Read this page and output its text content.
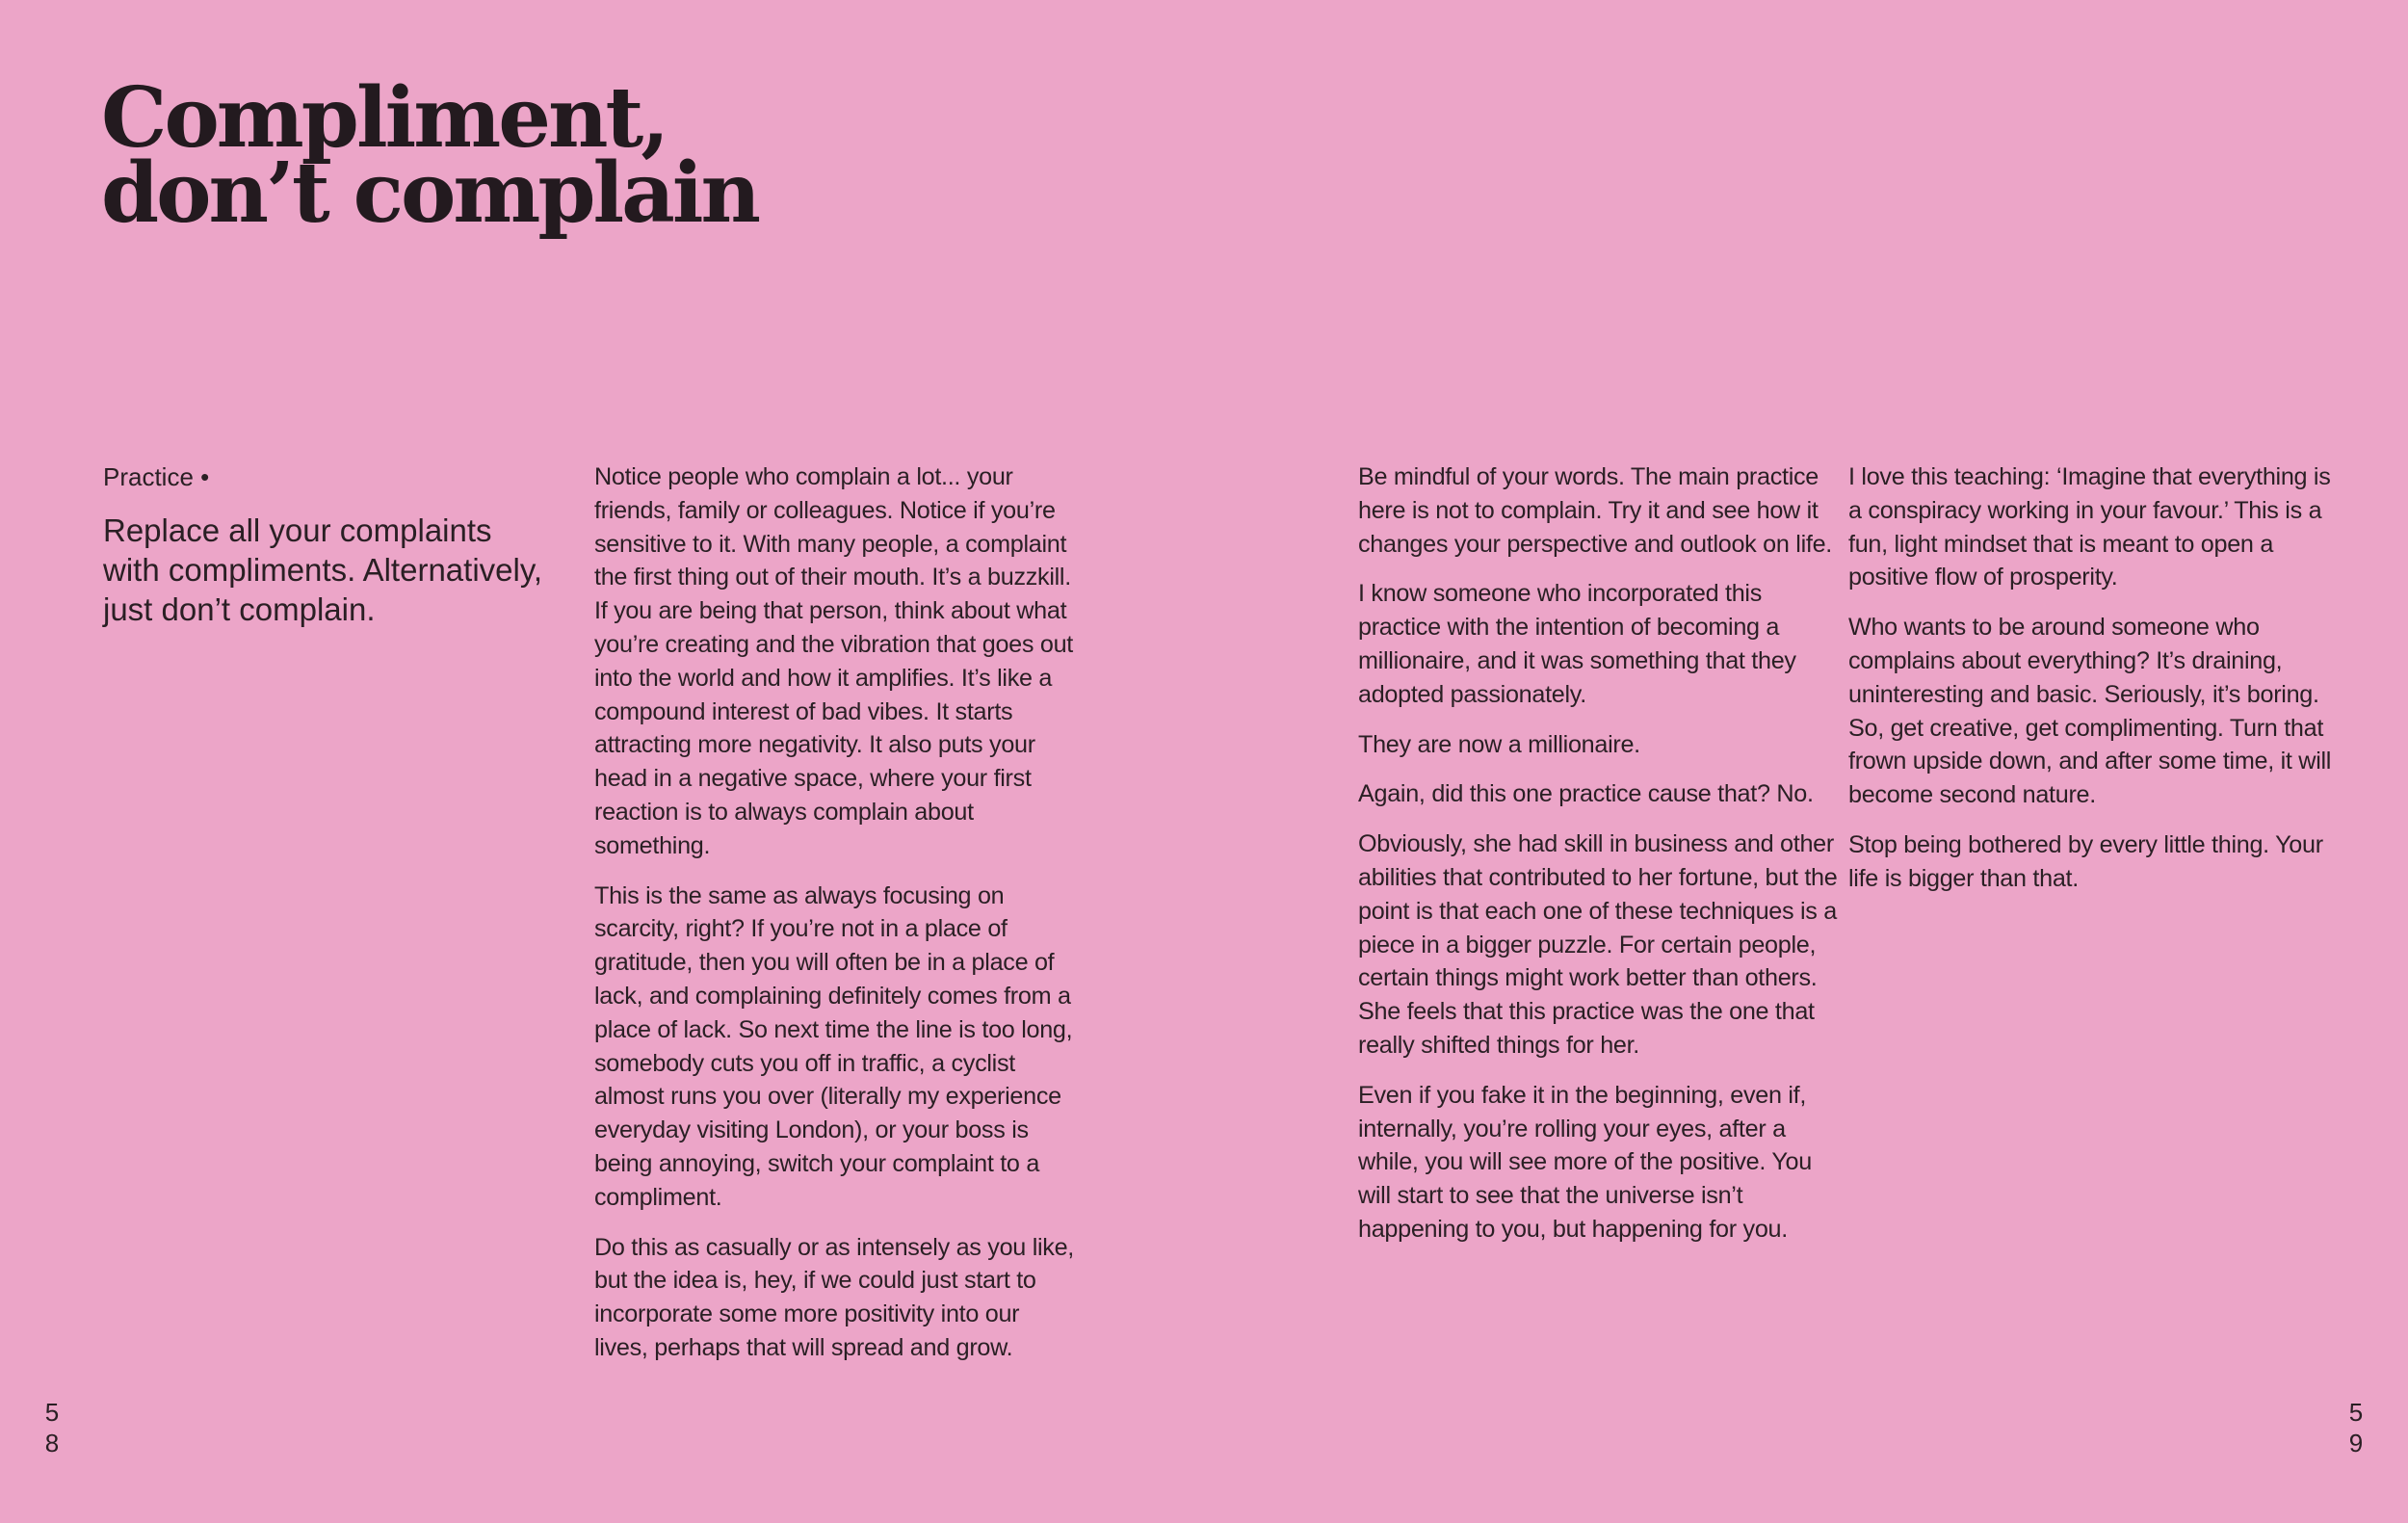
Compliment,
don’t complain
Practice •

Replace all your complaints with compliments. Alternatively, just don’t complain.

Notice people who complain a lot... your friends, family or colleagues. Notice if you’re sensitive to it. With many people, a complaint the first thing out of their mouth. It’s a buzzkill. If you are being that person, think about what you’re creating and the vibration that goes out into the world and how it amplifies. It’s like a compound interest of bad vibes. It starts attracting more negativity. It also puts your head in a negative space, where your first reaction is to always complain about something.

This is the same as always focusing on scarcity, right? If you’re not in a place of gratitude, then you will often be in a place of lack, and complaining definitely comes from a place of lack. So next time the line is too long, somebody cuts you off in traffic, a cyclist almost runs you over (literally my experience everyday visiting London), or your boss is being annoying, switch your complaint to a compliment.

Do this as casually or as intensely as you like, but the idea is, hey, if we could just start to incorporate some more positivity into our lives, perhaps that will spread and grow.

Be mindful of your words. The main practice here is not to complain. Try it and see how it changes your perspective and outlook on life.

I know someone who incorporated this practice with the intention of becoming a millionaire, and it was something that they adopted passionately.

They are now a millionaire.

Again, did this one practice cause that? No.

Obviously, she had skill in business and other abilities that contributed to her fortune, but the point is that each one of these techniques is a piece in a bigger puzzle. For certain people, certain things might work better than others. She feels that this practice was the one that really shifted things for her.

Even if you fake it in the beginning, even if, internally, you’re rolling your eyes, after a while, you will see more of the positive. You will start to see that the universe isn’t happening to you, but happening for you.

I love this teaching: ‘Imagine that everything is a conspiracy working in your favour.’ This is a fun, light mindset that is meant to open a positive flow of prosperity.

Who wants to be around someone who complains about everything? It’s draining, uninteresting and basic. Seriously, it’s boring. So, get creative, get complimenting. Turn that frown upside down, and after some time, it will become second nature.

Stop being bothered by every little thing. Your life is bigger than that.

5
8
5
9
